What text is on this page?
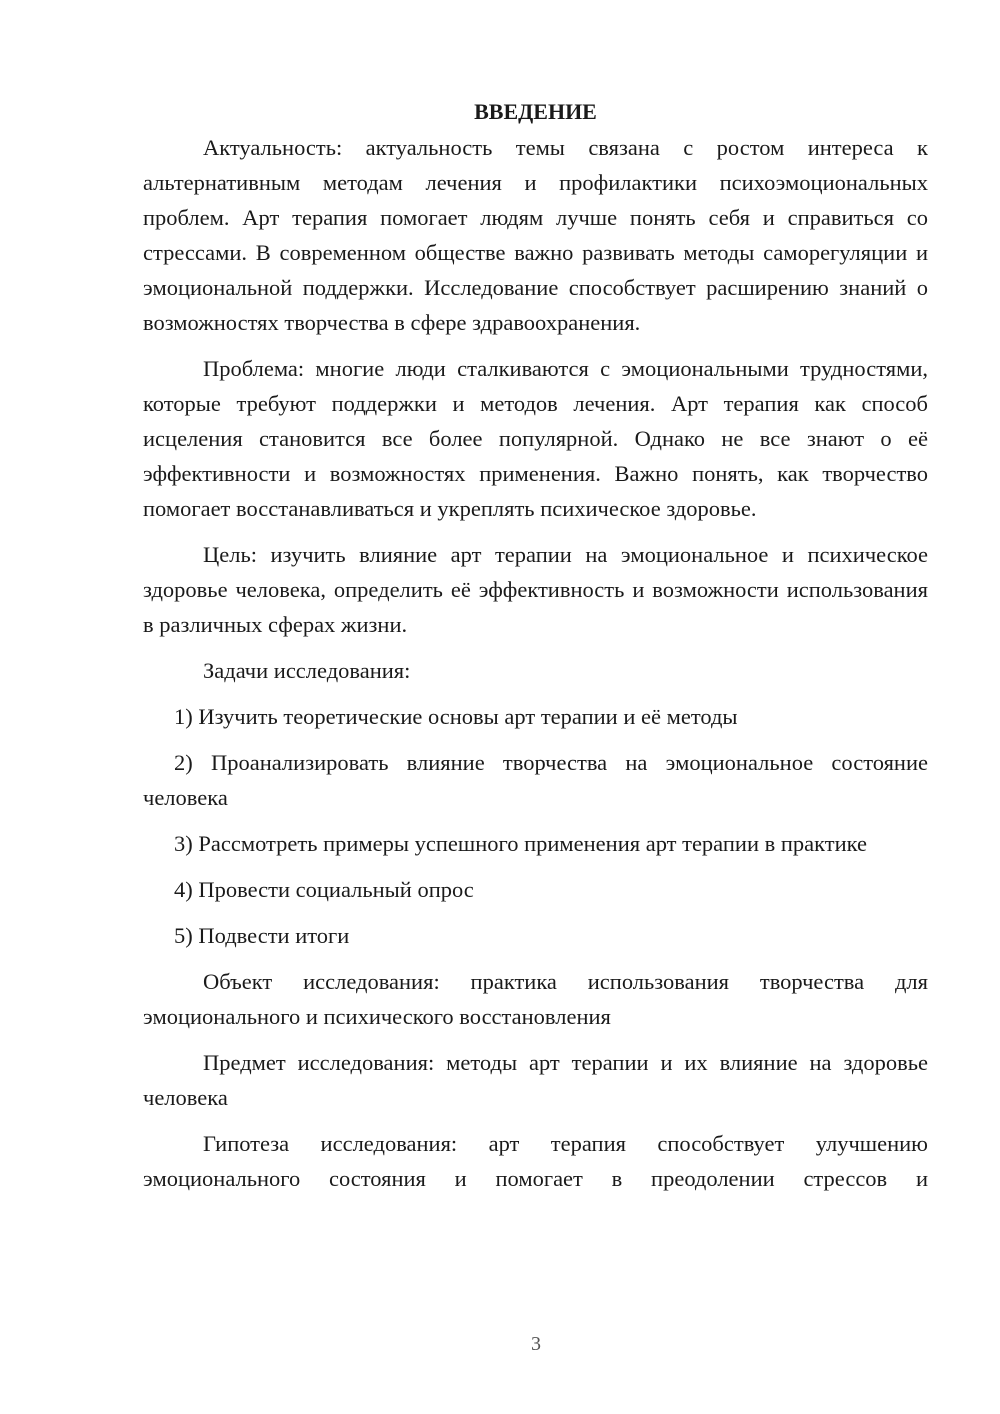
ВВЕДЕНИЕ

Актуальность: актуальность темы связана с ростом интереса к альтернативным методам лечения и профилактики психоэмоциональных проблем. Арт терапия помогает людям лучше понять себя и справиться со стрессами. В современном обществе важно развивать методы саморегуляции и эмоциональной поддержки. Исследование способствует расширению знаний о возможностях творчества в сфере здравоохранения.

Проблема: многие люди сталкиваются с эмоциональными трудностями, которые требуют поддержки и методов лечения. Арт терапия как способ исцеления становится все более популярной. Однако не все знают о её эффективности и возможностях применения. Важно понять, как творчество помогает восстанавливаться и укреплять психическое здоровье.

Цель: изучить влияние арт терапии на эмоциональное и психическое здоровье человека, определить её эффективность и возможности использования в различных сферах жизни.

Задачи исследования:

1) Изучить теоретические основы арт терапии и её методы

2) Проанализировать влияние творчества на эмоциональное состояние человека

3) Рассмотреть примеры успешного применения арт терапии в практике

4) Провести социальный опрос

5) Подвести итоги

Объект исследования: практика использования творчества для эмоционального и психического восстановления

Предмет исследования: методы арт терапии и их влияние на здоровье человека

Гипотеза исследования: арт терапия способствует улучшению эмоционального состояния и помогает в преодолении стрессов и

3
